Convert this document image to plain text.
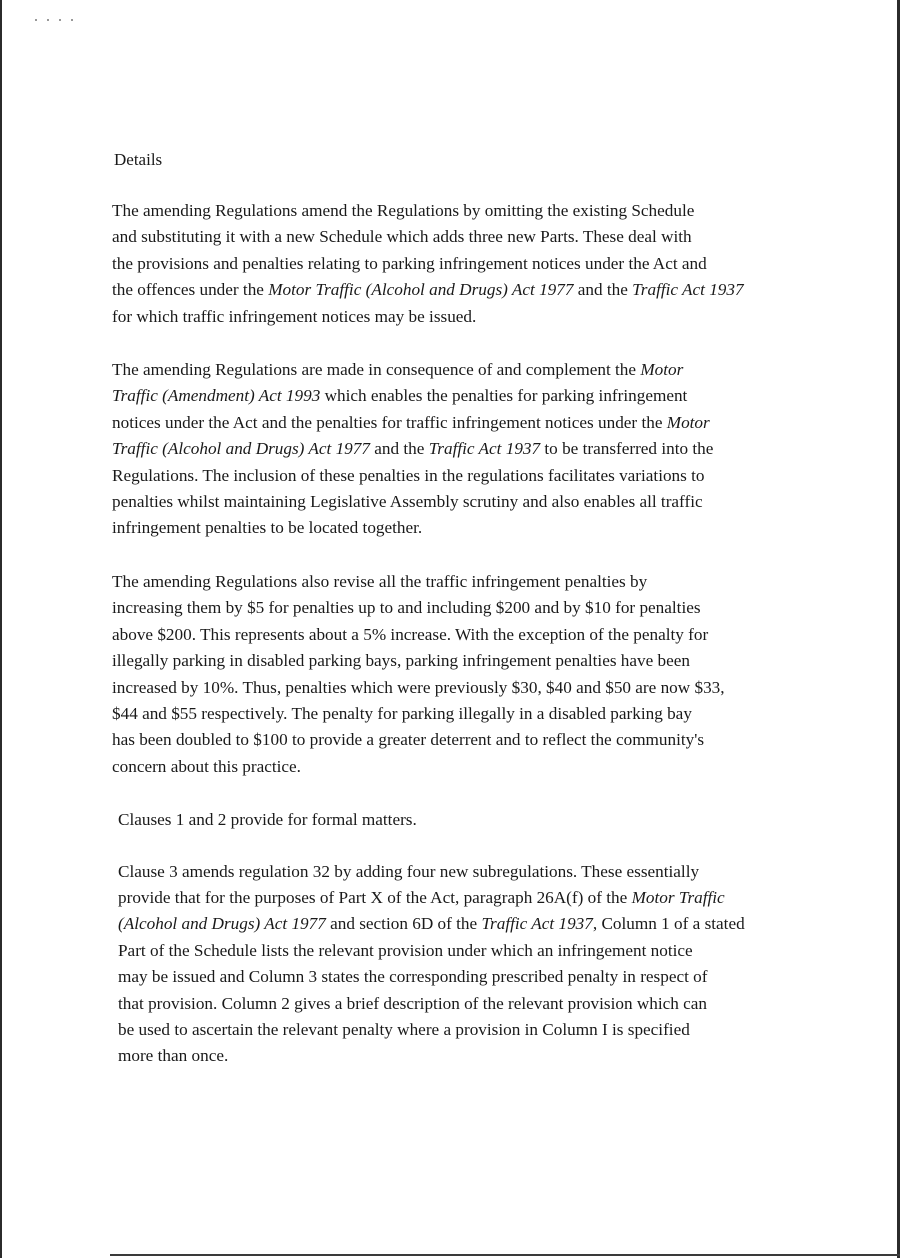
Details

The amending Regulations amend the Regulations by omitting the existing Schedule
and substituting it with a new Schedule which adds three new Parts. These deal with
the provisions and penalties relating to parking infringement notices under the Act and
the offences under the Motor Traffic (Alcohol and Drugs) Act 1977 and the Traffic Act 1937
for which traffic infringement notices may be issued.

The amending Regulations are made in consequence of and complement the Motor
Traffic (Amendment) Act 1993 which enables the penalties for parking infringement
notices under the Act and the penalties for traffic infringement notices under the Motor
Traffic (Alcohol and Drugs) Act 1977 and the Traffic Act 1937 to be transferred into the
Regulations. The inclusion of these penalties in the regulations facilitates variations to
penalties whilst maintaining Legislative Assembly scrutiny and also enables all traffic
infringement penalties to be located together.

The amending Regulations also revise all the traffic infringement penalties by
increasing them by $5 for penalties up to and including $200 and by $10 for penalties
above $200. This represents about a 5% increase. With the exception of the penalty for
illegally parking in disabled parking bays, parking infringement penalties have been
increased by 10%. Thus, penalties which were previously $30, $40 and $50 are now $33,
$44 and $55 respectively. The penalty for parking illegally in a disabled parking bay
has been doubled to $100 to provide a greater deterrent and to reflect the community's
concern about this practice.

Clauses 1 and 2 provide for formal matters.

Clause 3 amends regulation 32 by adding four new subregulations. These essentially
provide that for the purposes of Part X of the Act, paragraph 26A(f) of the Motor Traffic
(Alcohol and Drugs) Act 1977 and section 6D of the Traffic Act 1937, Column 1 of a stated
Part of the Schedule lists the relevant provision under which an infringement notice
may be issued and Column 3 states the corresponding prescribed penalty in respect of
that provision. Column 2 gives a brief description of the relevant provision which can
be used to ascertain the relevant penalty where a provision in Column I is specified
more than once.
